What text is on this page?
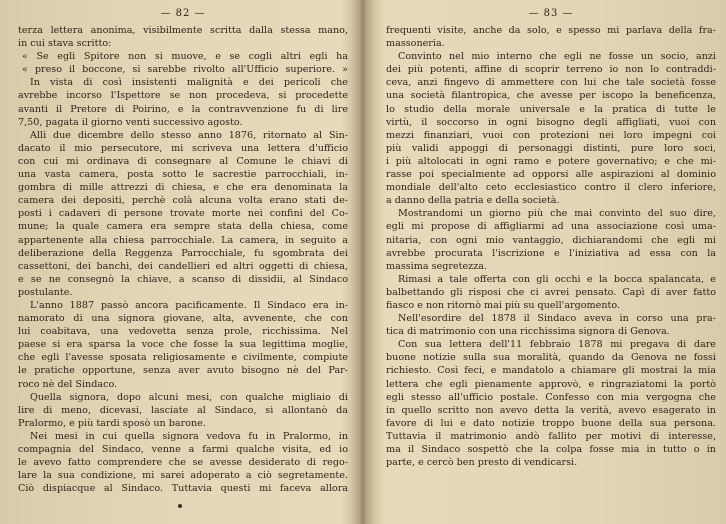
— 82 —
terza lettera anonima, visibilmente scritta dalla stessa mano,
in cui stava scritto:
« Se egli Spitore non si muove, e se cogli altri egli ha
« preso il boccone, si sarebbe rivolto all'Ufficio superiore. »
In vista di così insistenti malignità e dei pericoli che
avrebbe incorso l'Ispettore se non procedeva, si procedette
avanti il Pretore di Poirino, e la contravvenzione fu di lire
7,50, pagata il giorno venti successivo agosto.
Alli due dicembre dello stesso anno 1876, ritornato al Sin-
dacato il mio persecutore, mi scriveva una lettera d'ufficio
con cui mi ordinava di consegnare al Comune le chiavi di
una vasta camera, posta sotto le sacrestie parrocchiali, in-
gombra di mille attrezzi di chiesa, e che era denominata la
camera dei depositi, perchè colà alcuna volta erano stati de-
posti i cadaveri di persone trovate morte nei confini del Co-
mune; la quale camera era sempre stata della chiesa, come
appartenente alla chiesa parrocchiale. La camera, in seguito a
deliberazione della Reggenza Parrocchiale, fu sgombrata dei
cassettoni, dei banchi, dei candellieri ed altri oggetti di chiesa,
e se ne consegnò la chiave, a scanso di dissidii, al Sindaco
postulante.
L'anno 1887 passò ancora pacificamente. Il Sindaco era in-
namorato di una signora giovane, alta, avvenente, che con
lui coabitava, una vedovetta senza prole, ricchissima. Nel
paese si era sparsa la voce che fosse la sua legittima moglie,
che egli l'avesse sposata religiosamente e civilmente, compiute
le pratiche opportune, senza aver avuto bisogno nè del Par-
roco nè del Sindaco.
Quella signora, dopo alcuni mesi, con qualche migliaio di
lire di meno, dicevasi, lasciate al Sindaco, si allontanò da
Pralormo, e più tardi sposò un barone.
Nei mesi in cui quella signora vedova fu in Pralormo, in
compagnia del Sindaco, venne a farmi qualche visita, ed io
le avevo fatto comprendere che se avesse desiderato di rego-
lare la sua condizione, mi sarei adoperato a ciò segretamente.
Ciò dispiacque al Sindaco. Tuttavia questi mi faceva allora
— 83 —
frequenti visite, anche da solo, e spesso mi parlava della fra-
massoneria.
Convinto nel mio interno che egli ne fosse un socio, anzi
dei più potenti, affine di scoprir terreno io non lo contraddi-
ceva, anzi fingevo di ammettere con lui che tale società fosse
una società filantropica, che avesse per iscopo la beneficenza,
lo studio della morale universale e la pratica di tutte le
virtù, il soccorso in ogni bisogno degli affigliati, vuoi con
mezzi finanziari, vuoi con protezioni nei loro impegni coi
più validi appoggi di personaggi distinti, pure loro soci,
i più altolocati in ogni ramo e potere governativo; e che mi-
rasse poi specialmente ad opporsi alle aspirazioni al dominio
mondiale dell'alto ceto ecclesiastico contro il clero inferiore,
a danno della patria e della società.
Mostrandomi un giorno più che mai convinto del suo dire,
egli mi propose di affigliarmi ad una associazione così uma-
nitaria, con ogni mio vantaggio, dichiarandomi che egli mi
avrebbe procurata l'iscrizione e l'iniziativa ad essa con la
massima segretezza.
Rimasi a tale offerta con gli occhi e la bocca spalancata, e
balbettando gli risposi che ci avrei pensato. Capì di aver fatto
fiasco e non ritornò mai più su quell'argomento.
Nell'esordire del 1878 il Sindaco aveva in corso una pra-
tica di matrimonio con una ricchissima signora di Genova.
Con sua lettera dell'11 febbraio 1878 mi pregava di dare
buone notizie sulla sua moralità, quando da Genova ne fossi
richiesto. Così feci, e mandatolo a chiamare gli mostrai la mia
lettera che egli pienamente approvò, e ringraziatomi la portò
egli stesso all'ufficio postale. Confesso con mia vergogna che
in quello scritto non avevo detta la verità, avevo esagerato in
favore di lui e dato notizie troppo buone della sua persona.
Tuttavia il matrimonio andò fallito per motivi di interesse,
ma il Sindaco sospettò che la colpa fosse mia in tutto o in
parte, e cercò ben presto di vendicarsi.
